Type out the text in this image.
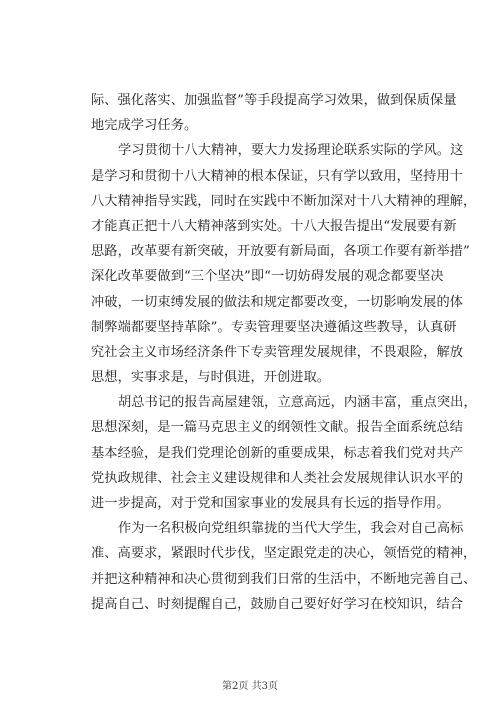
际、强化落实、加强监督”等手段提高学习效果，做到保质保量
地完成学习任务。
学习贯彻十八大精神，要大力发扬理论联系实际的学风。这
是学习和贯彻十八大精神的根本保证，只有学以致用，坚持用十
八大精神指导实践，同时在实践中不断加深对十八大精神的理解，
才能真正把十八大精神落到实处。十八大报告提出“发展要有新
思路，改革要有新突破，开放要有新局面，各项工作要有新举措”
深化改革要做到“三个坚决”即“一切妨碍发展的观念都要坚决
冲破，一切束缚发展的做法和规定都要改变，一切影响发展的体
制弊端都要坚持革除”。专卖管理要坚决遵循这些教导，认真研
究社会主义市场经济条件下专卖管理发展规律，不畏艰险，解放
思想，实事求是，与时俱进，开创进取。
胡总书记的报告高屋建瓴，立意高远，内涵丰富，重点突出，
思想深刻，是一篇马克思主义的纲领性文献。报告全面系统总结
基本经验，是我们党理论创新的重要成果，标志着我们党对共产
党执政规律、社会主义建设规律和人类社会发展规律认识水平的
进一步提高，对于党和国家事业的发展具有长远的指导作用。
作为一名积极向党组织靠拢的当代大学生，我会对自己高标
准、高要求，紧跟时代步伐，坚定跟党走的决心，领悟党的精神，
并把这种精神和决心贯彻到我们日常的生活中，不断地完善自己、
提高自己、时刻提醒自己，鼓励自己要好好学习在校知识，结合
第2页 共3页
